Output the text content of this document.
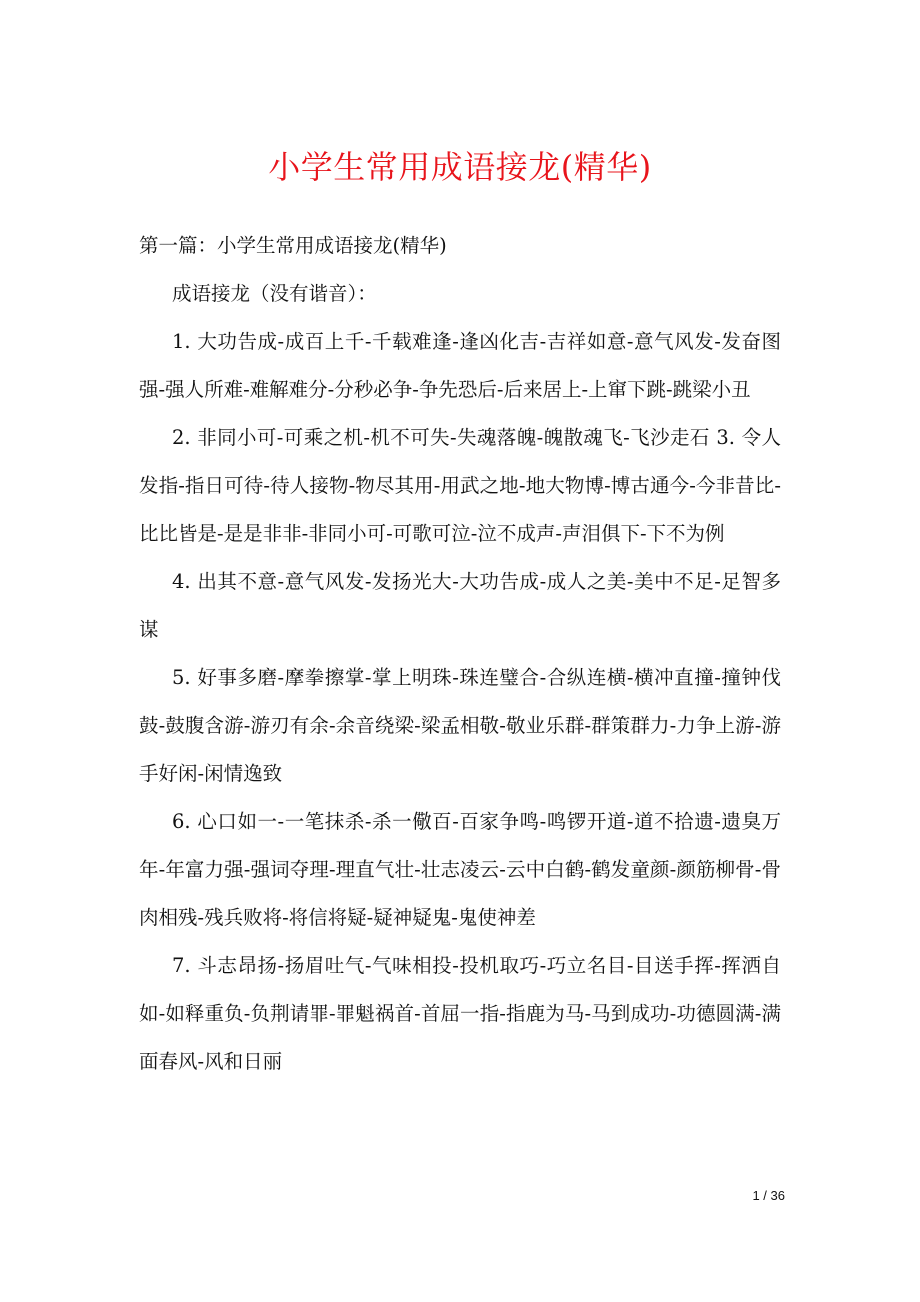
小学生常用成语接龙(精华)

第一篇：小学生常用成语接龙(精华)

成语接龙（没有谐音）：

1. 大功告成-成百上千-千载难逢-逢凶化吉-吉祥如意-意气风发-发奋图强-强人所难-难解难分-分秒必争-争先恐后-后来居上-上窜下跳-跳梁小丑

2. 非同小可-可乘之机-机不可失-失魂落魄-魄散魂飞-飞沙走石 3. 令人发指-指日可待-待人接物-物尽其用-用武之地-地大物博-博古通今-今非昔比-比比皆是-是是非非-非同小可-可歌可泣-泣不成声-声泪俱下-下不为例

4. 出其不意-意气风发-发扬光大-大功告成-成人之美-美中不足-足智多谋

5. 好事多磨-摩拳擦掌-掌上明珠-珠连璧合-合纵连横-横冲直撞-撞钟伐鼓-鼓腹含游-游刃有余-余音绕梁-梁孟相敬-敬业乐群-群策群力-力争上游-游手好闲-闲情逸致

6. 心口如一-一笔抹杀-杀一儆百-百家争鸣-鸣锣开道-道不拾遗-遗臭万年-年富力强-强词夺理-理直气壮-壮志凌云-云中白鹤-鹤发童颜-颜筋柳骨-骨肉相残-残兵败将-将信将疑-疑神疑鬼-鬼使神差

7. 斗志昂扬-扬眉吐气-气味相投-投机取巧-巧立名目-目送手挥-挥洒自如-如释重负-负荆请罪-罪魁祸首-首屈一指-指鹿为马-马到成功-功德圆满-满面春风-风和日丽

1 / 36
